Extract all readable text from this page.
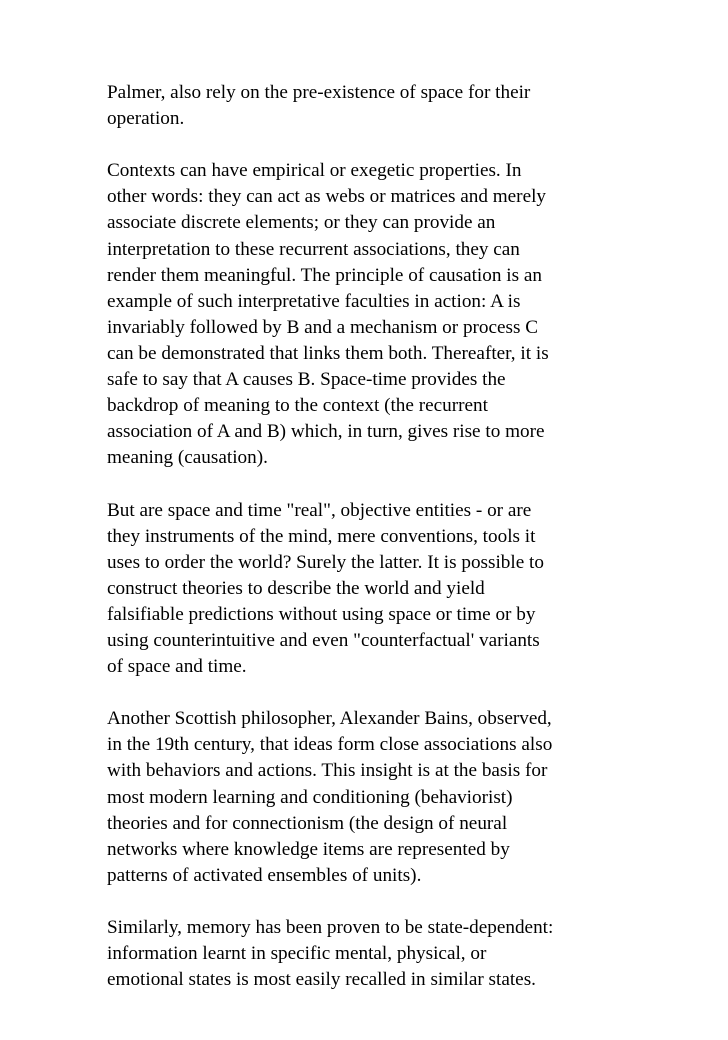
Palmer, also rely on the pre-existence of space for their
operation.

Contexts can have empirical or exegetic properties. In
other words: they can act as webs or matrices and merely
associate discrete elements; or they can provide an
interpretation to these recurrent associations, they can
render them meaningful. The principle of causation is an
example of such interpretative faculties in action: A is
invariably followed by B and a mechanism or process C
can be demonstrated that links them both. Thereafter, it is
safe to say that A causes B. Space-time provides the
backdrop of meaning to the context (the recurrent
association of A and B) which, in turn, gives rise to more
meaning (causation).

But are space and time "real", objective entities - or are
they instruments of the mind, mere conventions, tools it
uses to order the world? Surely the latter. It is possible to
construct theories to describe the world and yield
falsifiable predictions without using space or time or by
using counterintuitive and even "counterfactual' variants
of space and time.

Another Scottish philosopher, Alexander Bains, observed,
in the 19th century, that ideas form close associations also
with behaviors and actions. This insight is at the basis for
most modern learning and conditioning (behaviorist)
theories and for connectionism (the design of neural
networks where knowledge items are represented by
patterns of activated ensembles of units).

Similarly, memory has been proven to be state-dependent:
information learnt in specific mental, physical, or
emotional states is most easily recalled in similar states.
